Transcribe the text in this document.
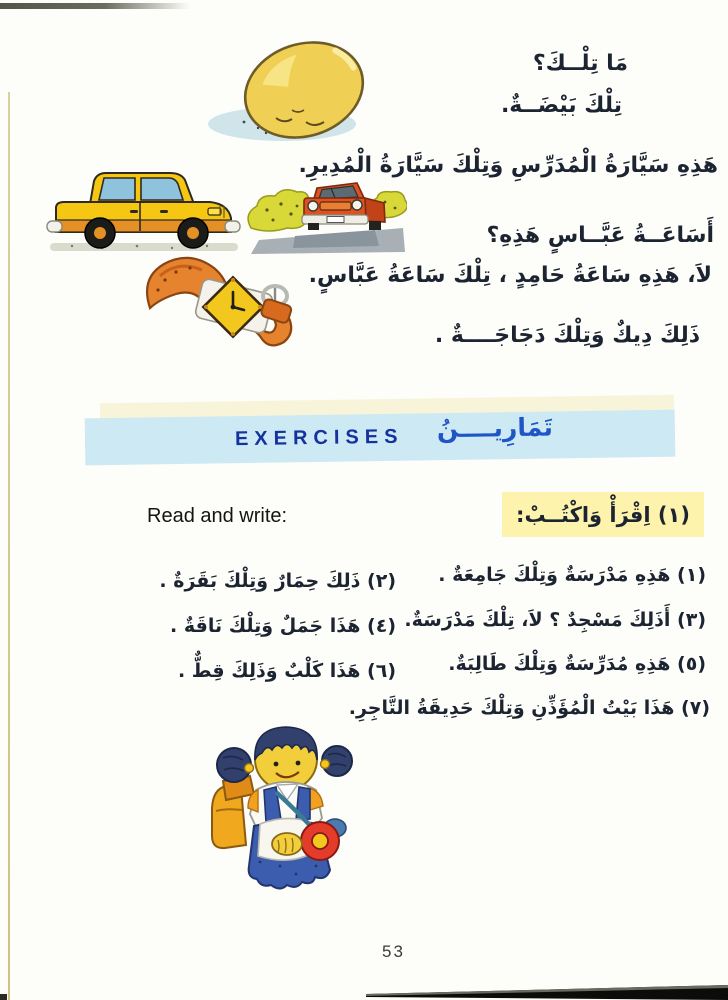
مَا تِلْــكَ؟
تِلْكَ بَيْضَــةٌ.
هَذِهِ سَيَّارَةُ الْمُدَرِّسِ وَتِلْكَ سَيَّارَةُ الْمُدِيرِ.
أَسَاعَــةُ عَبَّــاسٍ هَذِهِ؟
لاَ، هَذِهِ سَاعَةُ حَامِدٍ ، تِلْكَ سَاعَةُ عَبَّاسٍ.
ذَلِكَ دِيكٌ وَتِلْكَ دَجَاجَــــةٌ .
EXERCISES تَمَارِيــــنُ
Read and write:	(١) اِقْرَأْ وَاكْتُــبْ:
(١) هَذِهِ مَدْرَسَةٌ وَتِلْكَ جَامِعَةٌ .
(٣) أَذَلِكَ مَسْجِدٌ ؟ لاَ، تِلْكَ مَدْرَسَةٌ.
(٥) هَذِهِ مُدَرِّسَةٌ وَتِلْكَ طَالِبَةٌ.
(٧) هَذَا بَيْتُ الْمُؤَذِّنِ وَتِلْكَ حَدِيقَةُ التَّاجِرِ.
(٢) ذَلِكَ حِمَارٌ وَتِلْكَ بَقَرَةٌ .
(٤) هَذَا جَمَلٌ وَتِلْكَ نَاقَةٌ .
(٦) هَذَا كَلْبٌ وَذَلِكَ قِطٌّ .
53
